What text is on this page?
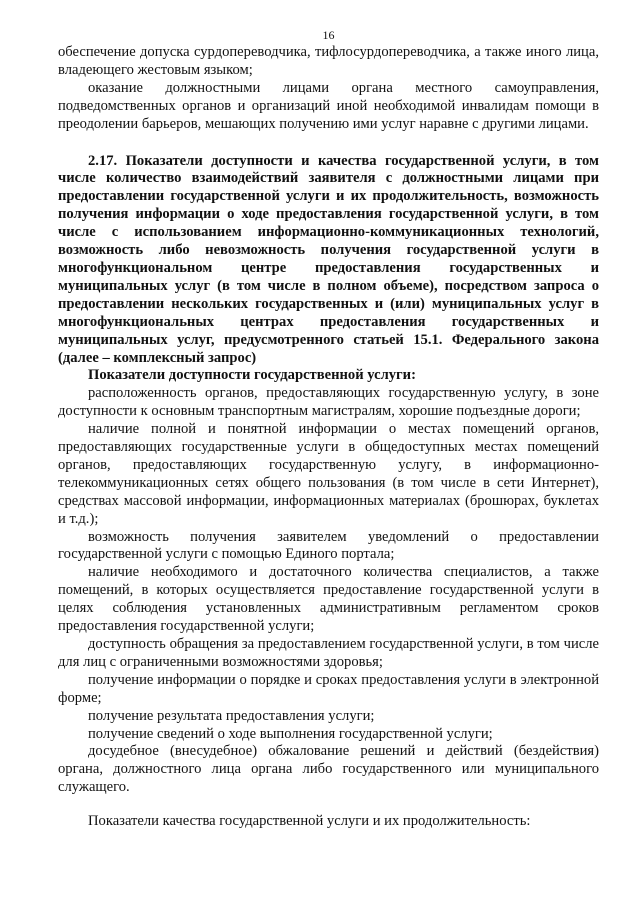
16

обеспечение допуска сурдопереводчика, тифлосурдопереводчика, а также иного лица, владеющего жестовым языком;

оказание должностными лицами органа местного самоуправления, подведомственных органов и организаций иной необходимой инвалидам помощи в преодолении барьеров, мешающих получению ими услуг наравне с другими лицами.

2.17. Показатели доступности и качества государственной услуги, в том числе количество взаимодействий заявителя с должностными лицами при предоставлении государственной услуги и их продолжительность, возможность получения информации о ходе предоставления государственной услуги, в том числе с использованием информационно-коммуникационных технологий, возможность либо невозможность получения государственной услуги в многофункциональном центре предоставления государственных и муниципальных услуг (в том числе в полном объеме), посредством запроса о предоставлении нескольких государственных и (или) муниципальных услуг в многофункциональных центрах предоставления государственных и муниципальных услуг, предусмотренного статьей 15.1. Федерального закона (далее – комплексный запрос)

Показатели доступности государственной услуги:

расположенность органов, предоставляющих государственную услугу, в зоне доступности к основным транспортным магистралям, хорошие подъездные дороги;

наличие полной и понятной информации о местах помещений органов, предоставляющих государственные услуги в общедоступных местах помещений органов, предоставляющих государственную услугу, в информационно-телекоммуникационных сетях общего пользования (в том числе в сети Интернет), средствах массовой информации, информационных материалах (брошюрах, буклетах и т.д.);

возможность получения заявителем уведомлений о предоставлении государственной услуги с помощью Единого портала;

наличие необходимого и достаточного количества специалистов, а также помещений, в которых осуществляется предоставление государственной услуги в целях соблюдения установленных административным регламентом сроков предоставления государственной услуги;

доступность обращения за предоставлением государственной услуги, в том числе для лиц с ограниченными возможностями здоровья;

получение информации о порядке и сроках предоставления услуги в электронной форме;

получение результата предоставления услуги;

получение сведений о ходе выполнения государственной услуги;

досудебное (внесудебное) обжалование решений и действий (бездействия) органа, должностного лица органа либо государственного или муниципального служащего.

Показатели качества государственной услуги и их продолжительность:
